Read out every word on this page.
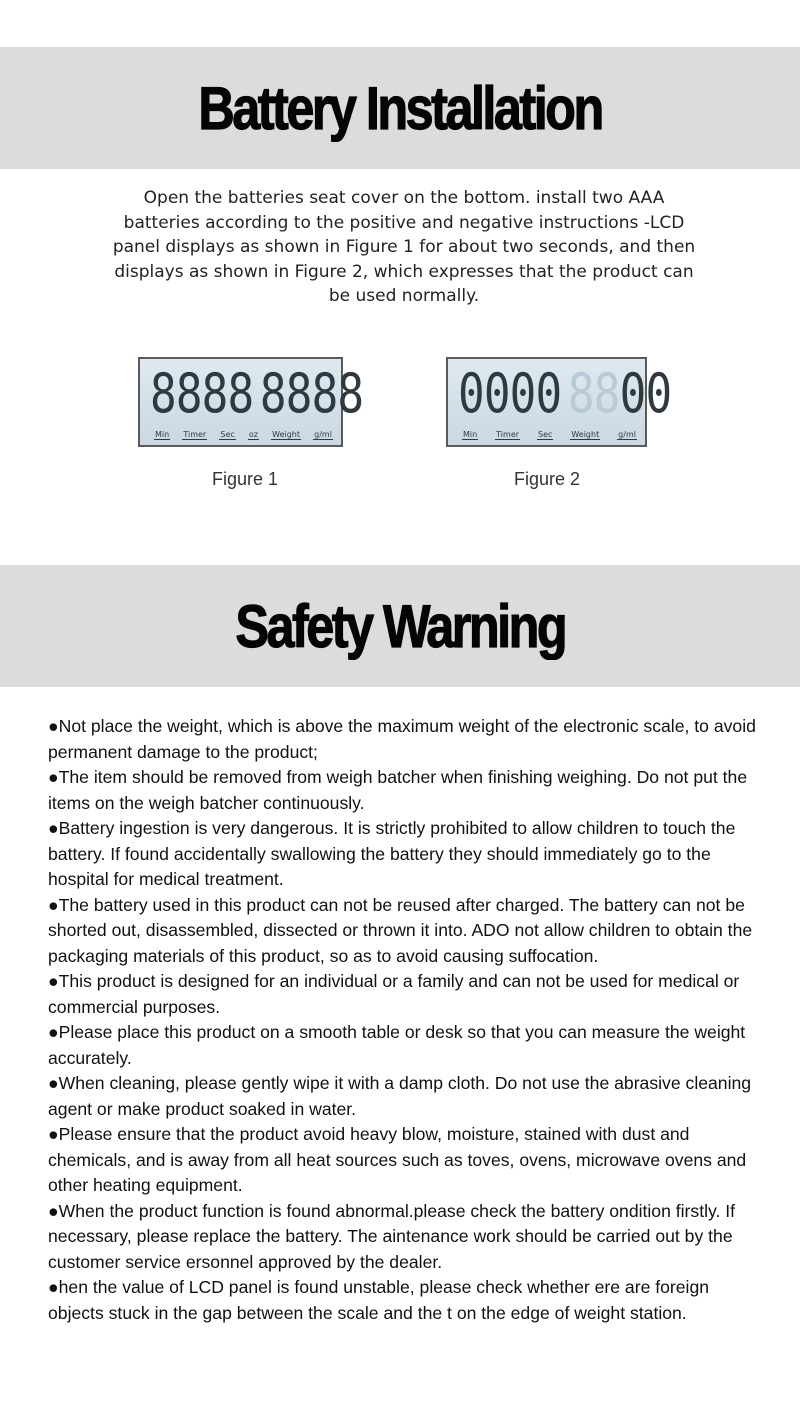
Battery Installation

Open the batteries seat cover on the bottom. install two AAA batteries according to the positive and negative instructions -LCD panel displays as shown in Figure 1 for about two seconds, and then displays as shown in Figure 2, which expresses that the product can be used normally.

8888 8888
Min Timer Sec oz Weight g/ml
Figure 1
0000 88 00
Min Timer Sec Weight g/ml
Figure 2
Safety Warning

●Not place the weight, which is above the maximum weight of the electronic scale, to avoid permanent damage to the product;

●The item should be removed from weigh batcher when finishing weighing. Do not put the items on the weigh batcher continuously.

●Battery ingestion is very dangerous. It is strictly prohibited to allow children to touch the battery. If found accidentally swallowing the battery they should immediately go to the hospital for medical treatment.

●The battery used in this product can not be reused after charged. The battery can not be shorted out, disassembled, dissected or thrown it into. ADO not allow children to obtain the packaging materials of this product, so as to avoid causing suffocation.

●This product is designed for an individual or a family and can not be used for medical or commercial purposes.

●Please place this product on a smooth table or desk so that you can measure the weight accurately.

●When cleaning, please gently wipe it with a damp cloth. Do not use the abrasive cleaning agent or make product soaked in water.

●Please ensure that the product avoid heavy blow, moisture, stained with dust and chemicals, and is away from all heat sources such as toves, ovens, microwave ovens and other heating equipment.

●When the product function is found abnormal.please check the battery ondition firstly. If necessary, please replace the battery. The aintenance work should be carried out by the customer service ersonnel approved by the dealer.

●hen the value of LCD panel is found unstable, please check whether ere are foreign objects stuck in the gap between the scale and the t on the edge of weight station.
